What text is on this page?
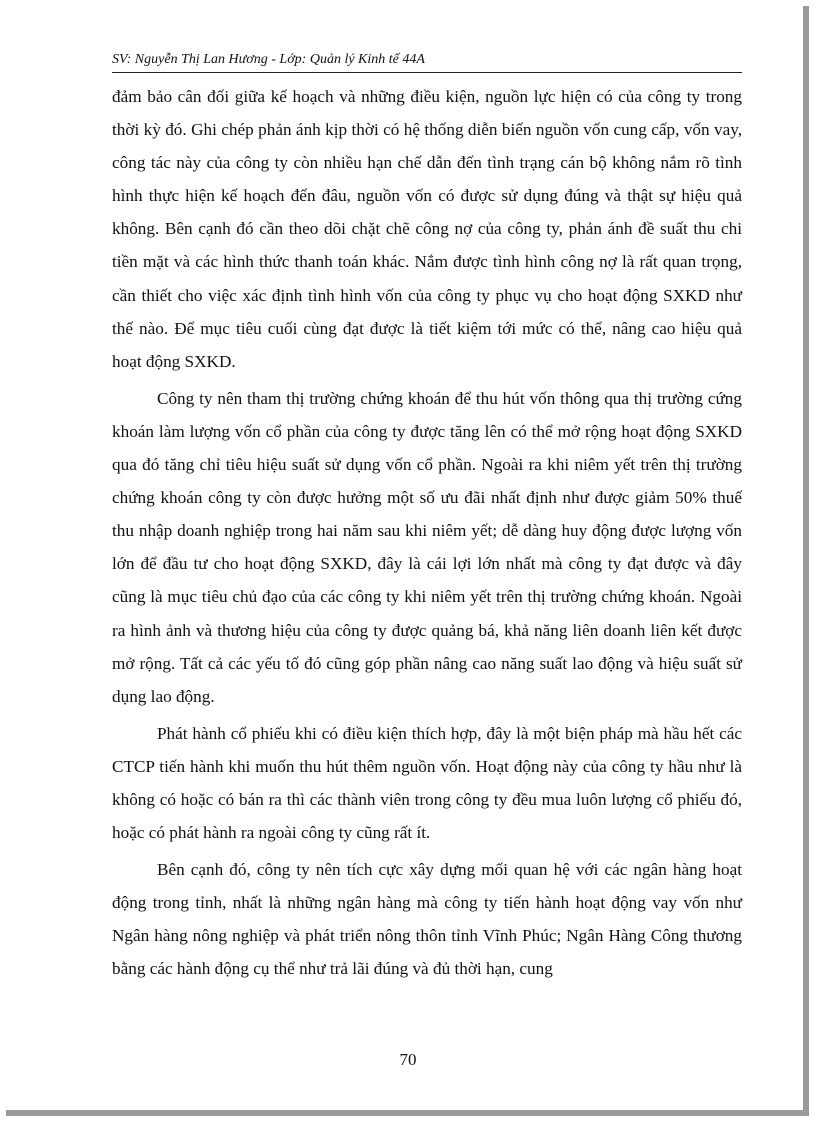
SV: Nguyễn Thị Lan Hương - Lớp: Quản lý Kinh tế 44A

đảm bảo cân đối giữa kế hoạch và những điều kiện, nguồn lực hiện có của công ty trong thời kỳ đó. Ghi chép phản ánh kịp thời có hệ thống diễn biến nguồn vốn cung cấp, vốn vay, công tác này của công ty còn nhiều hạn chế dẫn đến tình trạng cán bộ không nắm rõ tình hình thực hiện kế hoạch đến đâu, nguồn vốn có được sử dụng đúng và thật sự hiệu quả không. Bên cạnh đó cần theo dõi chặt chẽ công nợ của công ty, phản ánh đề suất thu chi tiền mặt và các hình thức thanh toán khác. Nắm được tình hình công nợ là rất quan trọng, cần thiết cho việc xác định tình hình vốn của công ty phục vụ cho hoạt động SXKD như thế nào. Để mục tiêu cuối cùng đạt được là tiết kiệm tới mức có thể, nâng cao hiệu quả hoạt động SXKD.

Công ty nên tham thị trường chứng khoán để thu hút vốn thông qua thị trường cứng khoán làm lượng vốn cổ phần của công ty được tăng lên có thể mở rộng hoạt động SXKD qua đó tăng chỉ tiêu hiệu suất sử dụng vốn cổ phần. Ngoài ra khi niêm yết trên thị trường chứng khoán công ty còn được hưởng một số ưu đãi nhất định như được giảm 50% thuế thu nhập doanh nghiệp trong hai năm sau khi niêm yết; dễ dàng huy động được lượng vốn lớn để đầu tư cho hoạt động SXKD, đây là cái lợi lớn nhất mà công ty đạt được và đây cũng là mục tiêu chủ đạo của các công ty khi niêm yết trên thị trường chứng khoán. Ngoài ra hình ảnh và thương hiệu của công ty được quảng bá, khả năng liên doanh liên kết được mở rộng. Tất cả các yếu tố đó cũng góp phần nâng cao năng suất lao động và hiệu suất sử dụng lao động.

Phát hành cổ phiếu khi có điều kiện thích hợp, đây là một biện pháp mà hầu hết các CTCP tiến hành khi muốn thu hút thêm nguồn vốn. Hoạt động này của công ty hầu như là không có hoặc có bán ra thì các thành viên trong công ty đều mua luôn lượng cổ phiếu đó, hoặc có phát hành ra ngoài công ty cũng rất ít.

Bên cạnh đó, công ty nên tích cực xây dựng mối quan hệ với các ngân hàng hoạt động trong tỉnh, nhất là những ngân hàng mà công ty tiến hành hoạt động vay vốn như Ngân hàng nông nghiệp và phát triển nông thôn tỉnh Vĩnh Phúc; Ngân Hàng Công thương bằng các hành động cụ thể như trả lãi đúng và đủ thời hạn, cung

70
